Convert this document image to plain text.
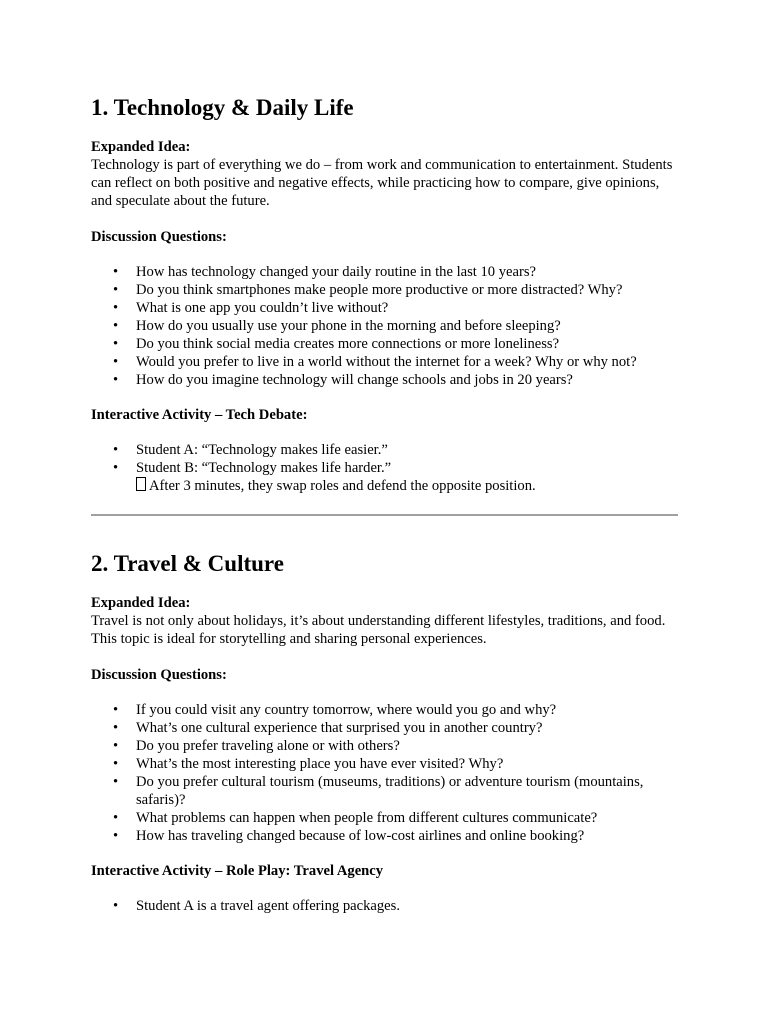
1. Technology & Daily Life

Expanded Idea:

Technology is part of everything we do – from work and communication to entertainment. Students can reflect on both positive and negative effects, while practicing how to compare, give opinions, and speculate about the future.

Discussion Questions:

• How has technology changed your daily routine in the last 10 years?
• Do you think smartphones make people more productive or more distracted? Why?
• What is one app you couldn’t live without?
• How do you usually use your phone in the morning and before sleeping?
• Do you think social media creates more connections or more loneliness?
• Would you prefer to live in a world without the internet for a week? Why or why not?
• How do you imagine technology will change schools and jobs in 20 years?

Interactive Activity – Tech Debate:

• Student A: “Technology makes life easier.”
• Student B: “Technology makes life harder.”
After 3 minutes, they swap roles and defend the opposite position.
2. Travel & Culture

Expanded Idea:

Travel is not only about holidays, it’s about understanding different lifestyles, traditions, and food. This topic is ideal for storytelling and sharing personal experiences.

Discussion Questions:

• If you could visit any country tomorrow, where would you go and why?
• What’s one cultural experience that surprised you in another country?
• Do you prefer traveling alone or with others?
• What’s the most interesting place you have ever visited? Why?
• Do you prefer cultural tourism (museums, traditions) or adventure tourism (mountains, safaris)?
• What problems can happen when people from different cultures communicate?
• How has traveling changed because of low-cost airlines and online booking?

Interactive Activity – Role Play: Travel Agency

• Student A is a travel agent offering packages.
